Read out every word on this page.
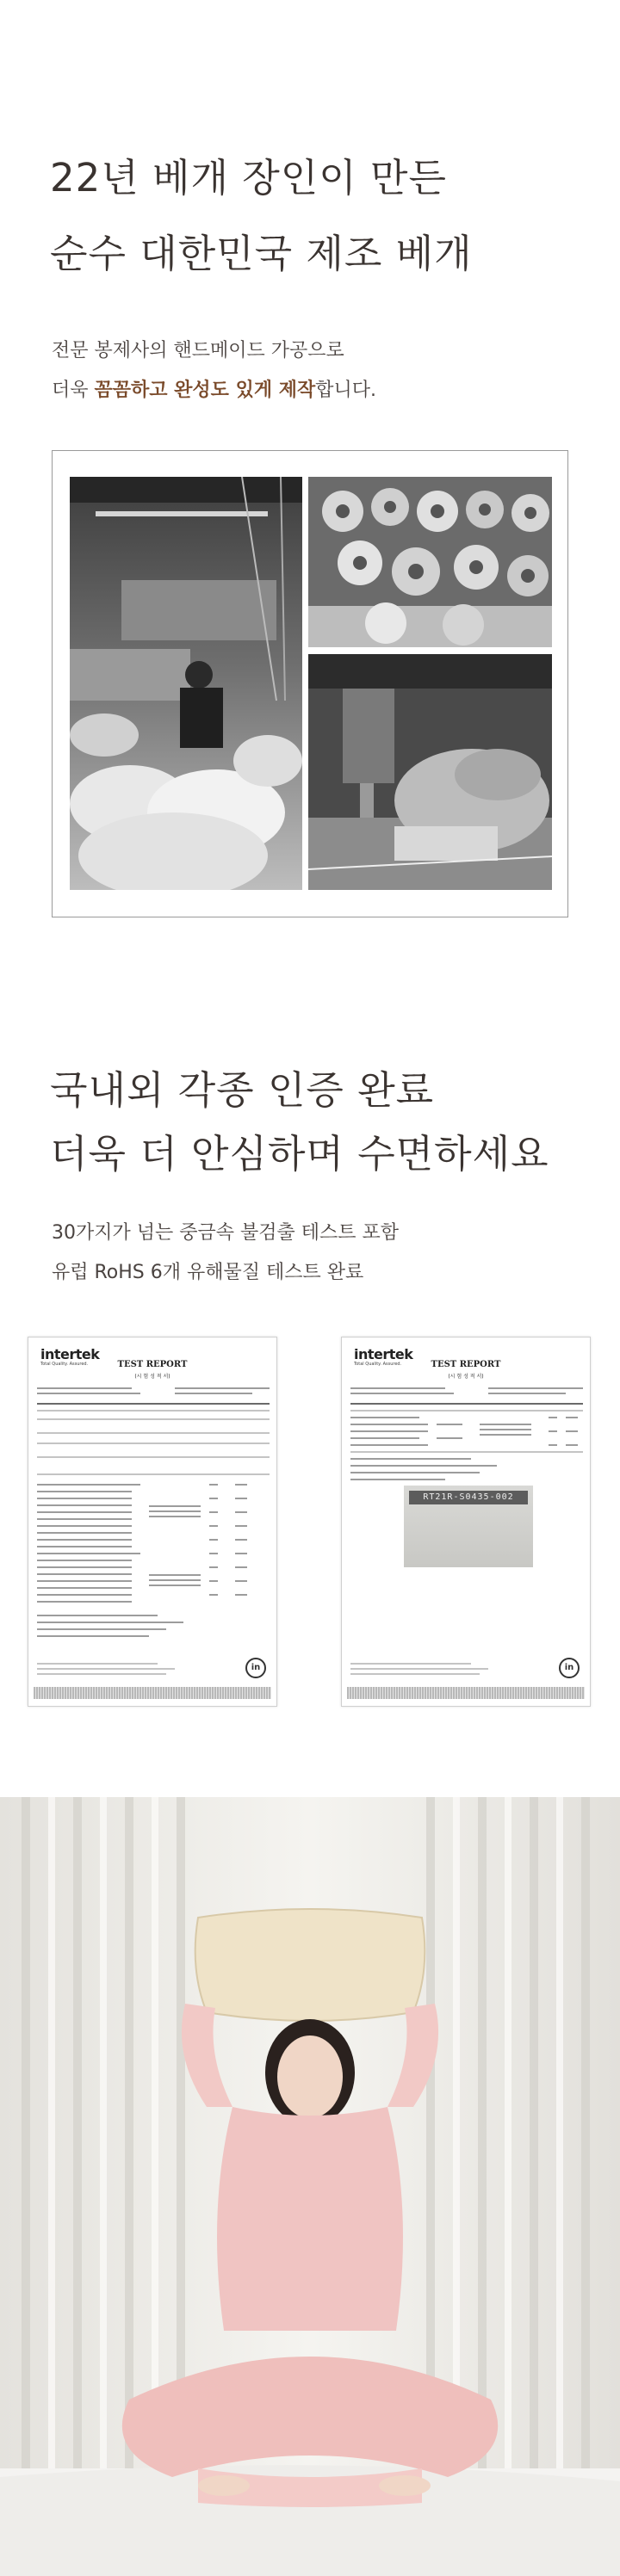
22년 베개 장인이 만든
순수 대한민국 제조 베개
전문 봉제사의 핸드메이드 가공으로
더욱 꼼꼼하고 완성도 있게 제작합니다.
국내외 각종 인증 완료
더욱 더 안심하며 수면하세요
30가지가 넘는 중금속 불검출 테스트 포함
유럽 RoHS 6개 유해물질 테스트 완료
intertek
Total Quality. Assured.	TEST REPORT
(시 험 성 적 서)
in
intertek
Total Quality. Assured.	TEST REPORT
(시 험 성 적 서)
RT21R-S0435-002
in
